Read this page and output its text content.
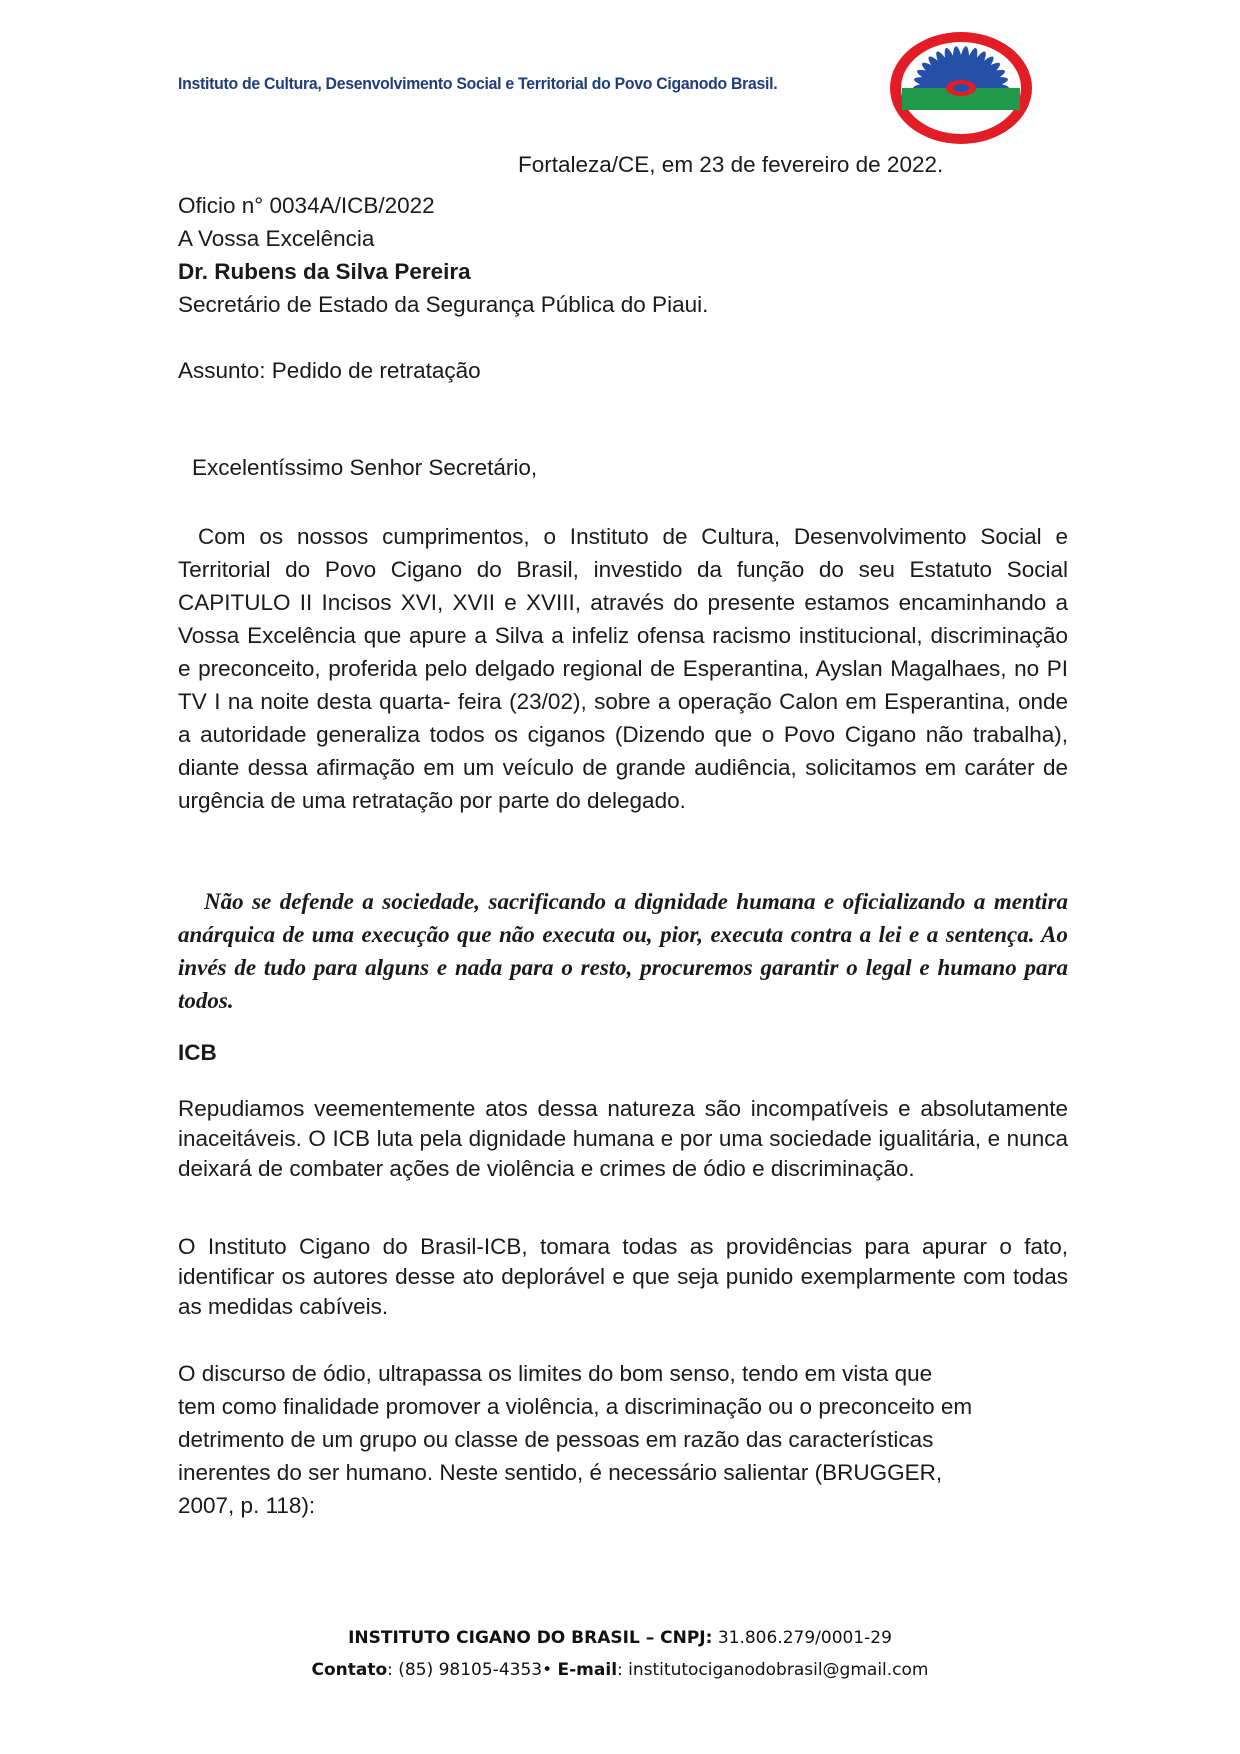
Instituto de Cultura, Desenvolvimento Social e Territorial do Povo Ciganodo Brasil.
Fortaleza/CE, em 23 de fevereiro de 2022.
Oficio n° 0034A/ICB/2022
A Vossa Excelência
Dr. Rubens da Silva Pereira
Secretário de Estado da Segurança Pública do Piaui.
Assunto: Pedido de retratação
Excelentíssimo Senhor Secretário,
Com os nossos cumprimentos, o Instituto de Cultura, Desenvolvimento Social e Territorial do Povo Cigano do Brasil, investido da função do seu Estatuto Social CAPITULO II Incisos XVI, XVII e XVIII, através do presente estamos encaminhando a Vossa Excelência que apure a Silva a infeliz ofensa racismo institucional, discriminação e preconceito, proferida pelo delgado regional de Esperantina, Ayslan Magalhaes, no PI TV I na noite desta quarta- feira (23/02), sobre a operação Calon em Esperantina, onde a autoridade generaliza todos os ciganos (Dizendo que o Povo Cigano não trabalha), diante dessa afirmação em um veículo de grande audiência, solicitamos em caráter de urgência de uma retratação por parte do delegado.
Não se defende a sociedade, sacrificando a dignidade humana e oficializando a mentira anárquica de uma execução que não executa ou, pior, executa contra a lei e a sentença. Ao invés de tudo para alguns e nada para o resto, procuremos garantir o legal e humano para todos.
ICB
Repudiamos veementemente atos dessa natureza são incompatíveis e absolutamente inaceitáveis. O ICB luta pela dignidade humana e por uma sociedade igualitária, e nunca deixará de combater ações de violência e crimes de ódio e discriminação.
O Instituto Cigano do Brasil-ICB, tomara todas as providências para apurar o fato, identificar os autores desse ato deplorável e que seja punido exemplarmente com todas as medidas cabíveis.
O discurso de ódio, ultrapassa os limites do bom senso, tendo em vista que
tem como finalidade promover a violência, a discriminação ou o preconceito em
detrimento de um grupo ou classe de pessoas em razão das características
inerentes do ser humano. Neste sentido, é necessário salientar (BRUGGER,
2007, p. 118):
INSTITUTO CIGANO DO BRASIL – CNPJ: 31.806.279/0001-29
Contato: (85) 98105-4353• E-mail: institutociganodobrasil@gmail.com
